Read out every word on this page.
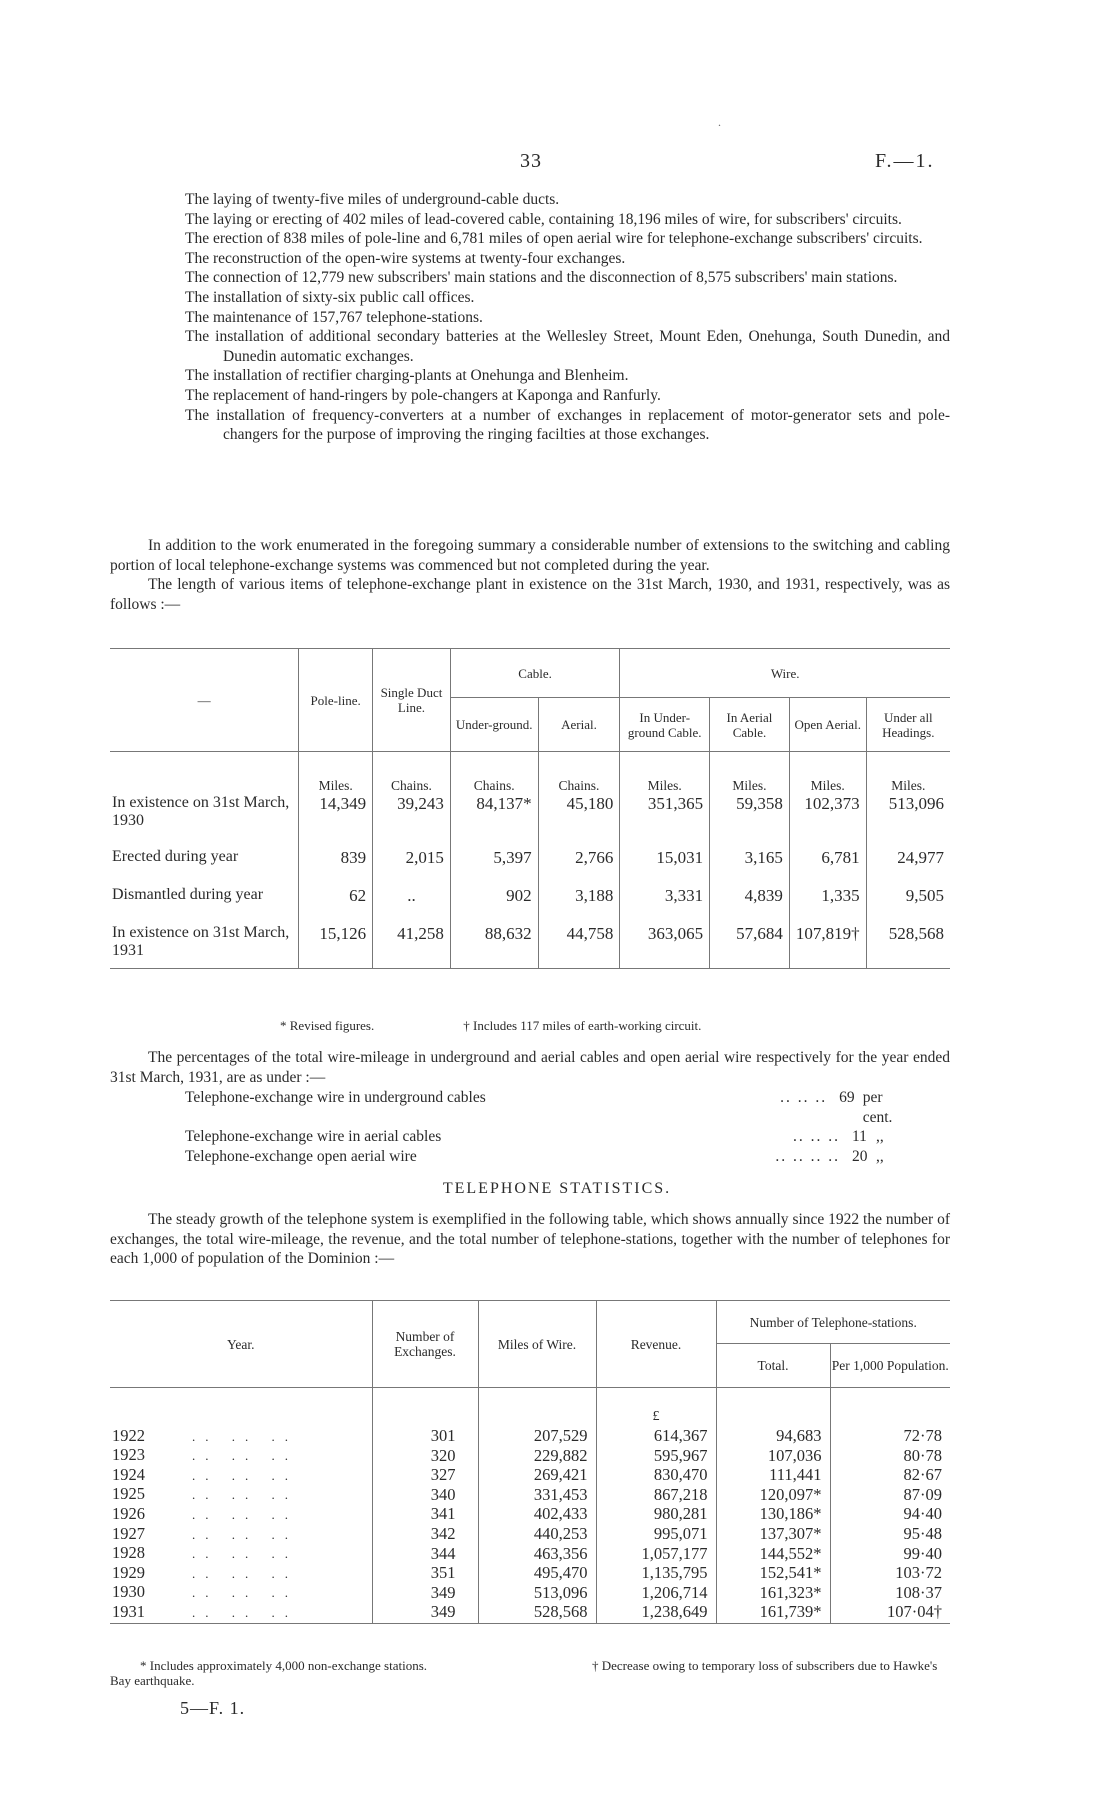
.
33	F.—1.
The laying of twenty-five miles of underground-cable ducts.
The laying or erecting of 402 miles of lead-covered cable, containing 18,196 miles of wire, for subscribers' circuits.
The erection of 838 miles of pole-line and 6,781 miles of open aerial wire for telephone-exchange subscribers' circuits.
The reconstruction of the open-wire systems at twenty-four exchanges.
The connection of 12,779 new subscribers' main stations and the disconnection of 8,575 subscribers' main stations.
The installation of sixty-six public call offices.
The maintenance of 157,767 telephone-stations.
The installation of additional secondary batteries at the Wellesley Street, Mount Eden, Onehunga, South Dunedin, and Dunedin automatic exchanges.
The installation of rectifier charging-plants at Onehunga and Blenheim.
The replacement of hand-ringers by pole-changers at Kaponga and Ranfurly.
The installation of frequency-converters at a number of exchanges in replacement of motor-generator sets and pole-changers for the purpose of improving the ringing facilties at those exchanges.

In addition to the work enumerated in the foregoing summary a considerable number of extensions to the switching and cabling portion of local telephone-exchange systems was commenced but not completed during the year.

The length of various items of telephone-exchange plant in existence on the 31st March, 1930, and 1931, respectively, was as follows :—

—	Pole-line.	Single Duct Line.	Cable.		Wire.			
			Under-ground.	Aerial.	In Under-ground Cable.	In Aerial Cable.	Open Aerial.	Under all Headings.
	Miles.	Chains.	Chains.	Chains.	Miles.	Miles.	Miles.	Miles.
In existence on 31st March, 1930	14,349	39,243	84,137*	45,180	351,365	59,358	102,373	513,096
Erected during year	839	2,015	5,397	2,766	15,031	3,165	6,781	24,977
Dismantled during year	62	..	902	3,188	3,331	4,839	1,335	9,505
In existence on 31st March, 1931	15,126	41,258	88,632	44,758	363,065	57,684	107,819†	528,568
* Revised figures.	† Includes 117 miles of earth-working circuit.

The percentages of the total wire-mileage in underground and aerial cables and open aerial wire respectively for the year ended 31st March, 1931, are as under :—

Telephone-exchange wire in underground cables	.. .. .. 69 per cent.
Telephone-exchange wire in aerial cables	.. .. .. 11 ,,
Telephone-exchange open aerial wire	.. .. .. .. 20 ,,
TELEPHONE STATISTICS.

The steady growth of the telephone system is exemplified in the following table, which shows annually since 1922 the number of exchanges, the total wire-mileage, the revenue, and the total number of telephone-stations, together with the number of telephones for each 1,000 of population of the Dominion :—

Year.	Number of Exchanges.	Miles of Wire.	Revenue.	Number of Telephone-stations.	
				Total.	Per 1,000 Population.
			£		
1922 .. .. ..	301	207,529	614,367	94,683	72·78
1923 .. .. ..	320	229,882	595,967	107,036	80·78
1924 .. .. ..	327	269,421	830,470	111,441	82·67
1925 .. .. ..	340	331,453	867,218	120,097*	87·09
1926 .. .. ..	341	402,433	980,281	130,186*	94·40
1927 .. .. ..	342	440,253	995,071	137,307*	95·48
1928 .. .. ..	344	463,356	1,057,177	144,552*	99·40
1929 .. .. ..	351	495,470	1,135,795	152,541*	103·72
1930 .. .. ..	349	513,096	1,206,714	161,323*	108·37
1931 .. .. ..	349	528,568	1,238,649	161,739*	107·04†
* Includes approximately 4,000 non-exchange stations.	† Decrease owing to temporary loss of subscribers due to Hawke's Bay earthquake.
5—F. 1.
